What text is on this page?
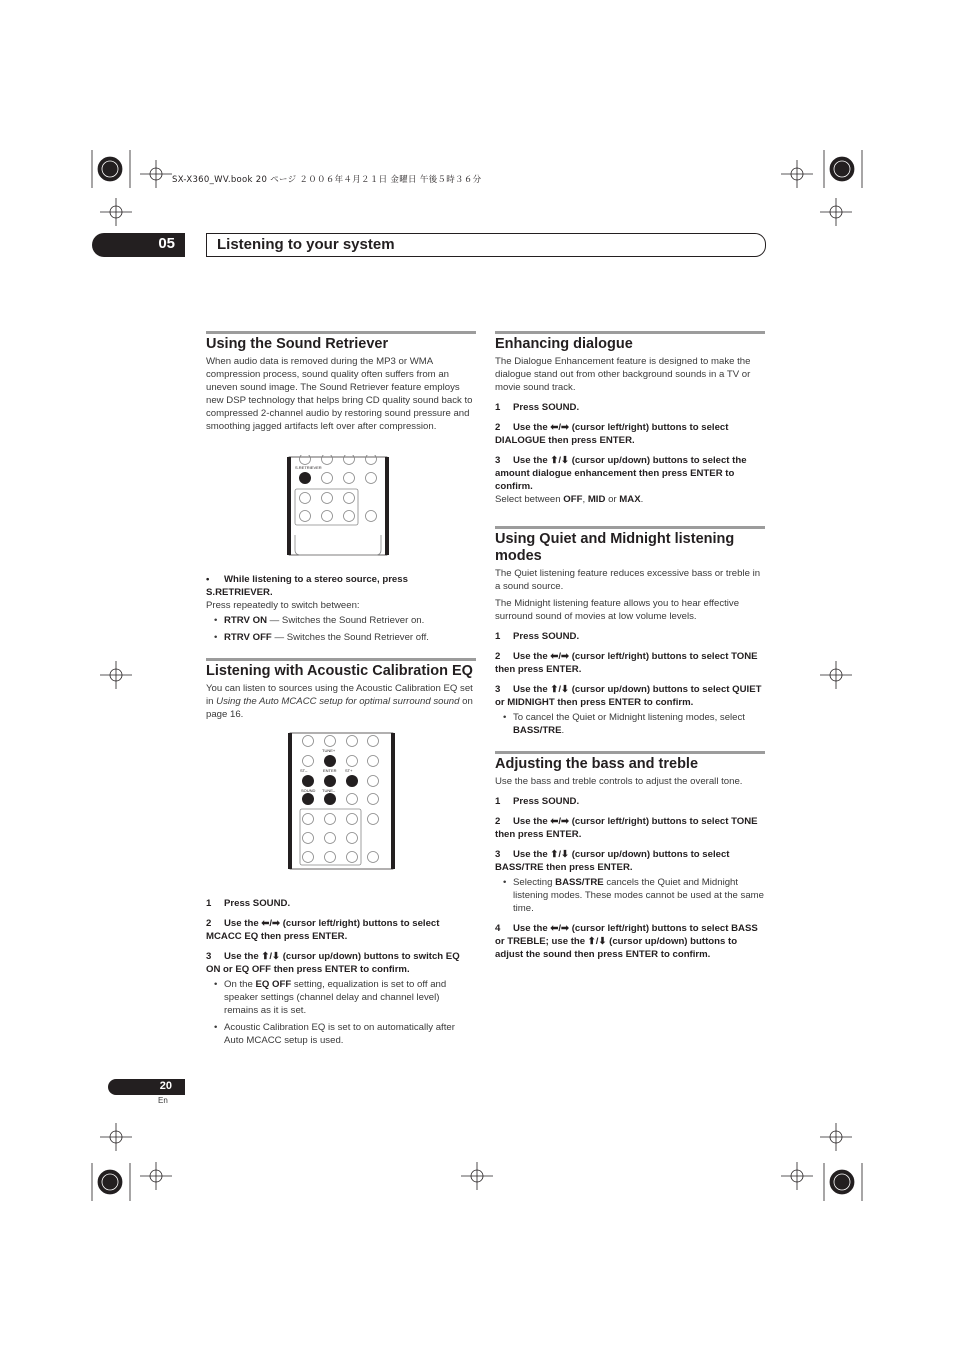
SX-X360_WV.book 20 ページ ２００６年４月２１日 金曜日 午後５時３６分
05	Listening to your system
Using the Sound Retriever

When audio data is removed during the MP3 or WMA compression process, sound quality often suffers from an uneven sound image. The Sound Retriever feature employs new DSP technology that helps bring CD quality sound back to compressed 2-channel audio by restoring sound pressure and smoothing jagged artifacts left over after compression.

S.RETRIEVER

• While listening to a stereo source, press S.RETRIEVER.

Press repeatedly to switch between:

• RTRV ON — Switches the Sound Retriever on.
• RTRV OFF — Switches the Sound Retriever off.
Listening with Acoustic Calibration EQ

You can listen to sources using the Acoustic Calibration EQ set in Using the Auto MCACC setup for optimal surround sound on page 16.

TUNE+
ST–	ENTER ST+
SOUND TUNE–

1 Press SOUND.

2 Use the ⬅/➡ (cursor left/right) buttons to select MCACC EQ then press ENTER.

3 Use the ⬆/⬇ (cursor up/down) buttons to switch EQ ON or EQ OFF then press ENTER to confirm.

• On the EQ OFF setting, equalization is set to off and speaker settings (channel delay and channel level) remains as it is set.
• Acoustic Calibration EQ is set to on automatically after Auto MCACC setup is used.
Enhancing dialogue

The Dialogue Enhancement feature is designed to make the dialogue stand out from other background sounds in a TV or movie sound track.

1 Press SOUND.

2 Use the ⬅/➡ (cursor left/right) buttons to select DIALOGUE then press ENTER.

3 Use the ⬆/⬇ (cursor up/down) buttons to select the amount dialogue enhancement then press ENTER to confirm.

Select between OFF, MID or MAX.

Using Quiet and Midnight listening modes

The Quiet listening feature reduces excessive bass or treble in a sound source.

The Midnight listening feature allows you to hear effective surround sound of movies at low volume levels.

1 Press SOUND.

2 Use the ⬅/➡ (cursor left/right) buttons to select TONE then press ENTER.

3 Use the ⬆/⬇ (cursor up/down) buttons to select QUIET or MIDNIGHT then press ENTER to confirm.

• To cancel the Quiet or Midnight listening modes, select BASS/TRE.
Adjusting the bass and treble

Use the bass and treble controls to adjust the overall tone.

1 Press SOUND.

2 Use the ⬅/➡ (cursor left/right) buttons to select TONE then press ENTER.

3 Use the ⬆/⬇ (cursor up/down) buttons to select BASS/TRE then press ENTER.

• Selecting BASS/TRE cancels the Quiet and Midnight listening modes. These modes cannot be used at the same time.

4 Use the ⬅/➡ (cursor left/right) buttons to select BASS or TREBLE; use the ⬆/⬇ (cursor up/down) buttons to adjust the sound then press ENTER to confirm.

20
En
